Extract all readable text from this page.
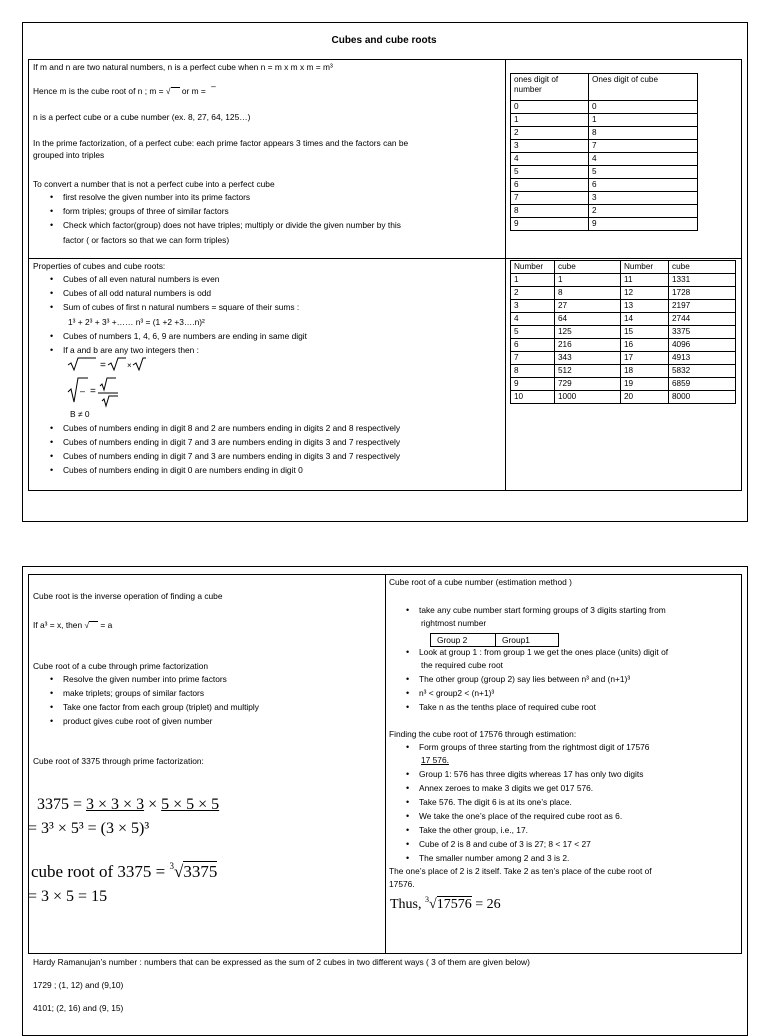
Cubes and cube roots
If m and n are two natural numbers, n is a perfect cube when n = m x m x m = m³
Hence m is the cube root of n ; m = √ or m = –
n is a perfect cube or a cube number (ex. 8, 27, 64, 125…)
In the prime factorization, of a perfect cube: each prime factor appears 3 times and the factors can be
grouped into triples
To convert a number that is not a perfect cube into a perfect cube
• first resolve the given number into its prime factors
• form triples; groups of three of similar factors
• Check which factor(group) does not have triples; multiply or divide the given number by this
factor ( or factors so that we can form triples)
ones digit of number	Ones digit of cube
0	0
1	1
2	8
3	7
4	4
5	5
6	6
7	3
8	2
9	9
Properties of cubes and cube roots:
• Cubes of all even natural numbers is even
• Cubes of all odd natural numbers is odd
• Sum of cubes of first n natural numbers = square of their sums :
1³ + 2³ + 3³ +…… n³ = (1 +2 +3….n)²
• Cubes of numbers 1, 4, 6, 9 are numbers are ending in same digit
• If a and b are any two integers then :
=	×
– =
B ≠ 0
• Cubes of numbers ending in digit 8 and 2 are numbers ending in digits 2 and 8 respectively
• Cubes of numbers ending in digit 7 and 3 are numbers ending in digits 3 and 7 respectively
• Cubes of numbers ending in digit 7 and 3 are numbers ending in digits 3 and 7 respectively
• Cubes of numbers ending in digit 0 are numbers ending in digit 0
Number	cube	Number	cube
1	1	11	1331
2	8	12	1728
3	27	13	2197
4	64	14	2744
5	125	15	3375
6	216	16	4096
7	343	17	4913
8	512	18	5832
9	729	19	6859
10	1000	20	8000
Cube root is the inverse operation of finding a cube
If a³ = x, then √ = a
Cube root of a cube through prime factorization
• Resolve the given number into prime factors
• make triplets; groups of similar factors
• Take one factor from each group (triplet) and multiply
• product gives cube root of given number
Cube root of 3375 through prime factorization:
3375 = 3 × 3 × 3 × 5 × 5 × 5
= 3³ × 5³ = (3 × 5)³
cube root of 3375 = $^3$√3375
= 3 × 5 = 15
Cube root of a cube number (estimation method )
• take any cube number start forming groups of 3 digits starting from
rightmost number
Group 2	Group1
• Look at group 1 : from group 1 we get the ones place (units) digit of
the required cube root
• The other group (group 2) say lies between n³ and (n+1)³
• n³ < group2 < (n+1)³
• Take n as the tenths place of required cube root
Finding the cube root of 17576 through estimation:
• Form groups of three starting from the rightmost digit of 17576
17 576.
• Group 1: 576 has three digits whereas 17 has only two digits
• Annex zeroes to make 3 digits we get 017 576.
• Take 576. The digit 6 is at its one’s place.
• We take the one’s place of the required cube root as 6.
• Take the other group, i.e., 17.
• Cube of 2 is 8 and cube of 3 is 27; 8 < 17 < 27
• The smaller number among 2 and 3 is 2.
The one’s place of 2 is 2 itself. Take 2 as ten’s place of the cube root of
17576.
Thus, $^3$√17576 = 26
Hardy Ramanujan’s number : numbers that can be expressed as the sum of 2 cubes in two different ways ( 3 of them are given below)
1729 ; (1, 12) and (9,10)
4101; (2, 16) and (9, 15)
